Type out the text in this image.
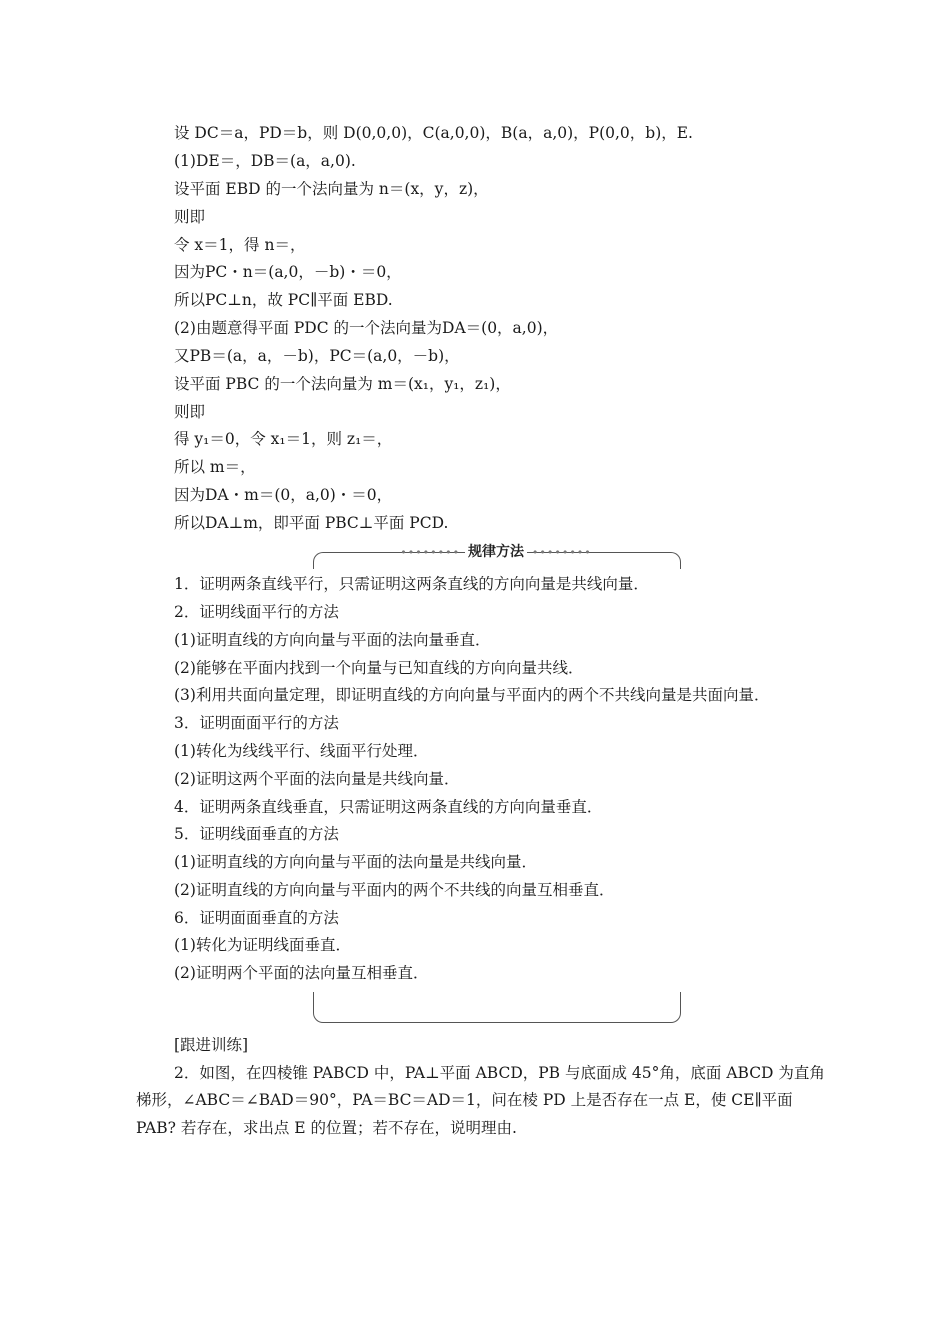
设 DC＝a，PD＝b，则 D(0,0,0)，C(a,0,0)，B(a，a,0)，P(0,0，b)，E.
(1)DE＝，DB＝(a，a,0).
设平面 EBD 的一个法向量为 n＝(x，y，z)，
则即
令 x＝1，得 n＝，
因为PC・n＝(a,0，－b)・＝0，
所以PC⊥n，故 PC∥平面 EBD.
(2)由题意得平面 PDC 的一个法向量为DA＝(0，a,0)，
又PB＝(a，a，－b)，PC＝(a,0，－b)，
设平面 PBC 的一个法向量为 m＝(x₁，y₁，z₁)，
则即
得 y₁＝0，令 x₁＝1，则 z₁＝，
所以 m＝，
因为DA・m＝(0，a,0)・＝0，
所以DA⊥m，即平面 PBC⊥平面 PCD.
•••••••• 规律方法 ••••••••
1．证明两条直线平行，只需证明这两条直线的方向向量是共线向量．
2．证明线面平行的方法
(1)证明直线的方向向量与平面的法向量垂直．
(2)能够在平面内找到一个向量与已知直线的方向向量共线．
(3)利用共面向量定理，即证明直线的方向向量与平面内的两个不共线向量是共面向量．
3．证明面面平行的方法
(1)转化为线线平行、线面平行处理．
(2)证明这两个平面的法向量是共线向量．
4．证明两条直线垂直，只需证明这两条直线的方向向量垂直．
5．证明线面垂直的方法
(1)证明直线的方向向量与平面的法向量是共线向量．
(2)证明直线的方向向量与平面内的两个不共线的向量互相垂直．
6．证明面面垂直的方法
(1)转化为证明线面垂直．
(2)证明两个平面的法向量互相垂直．
[跟进训练]
2．如图，在四棱锥 PABCD 中，PA⊥平面 ABCD，PB 与底面成 45°角，底面 ABCD 为直角
梯形，∠ABC＝∠BAD＝90°，PA＝BC＝AD＝1，问在棱 PD 上是否存在一点 E，使 CE∥平面
PAB? 若存在，求出点 E 的位置；若不存在，说明理由.
